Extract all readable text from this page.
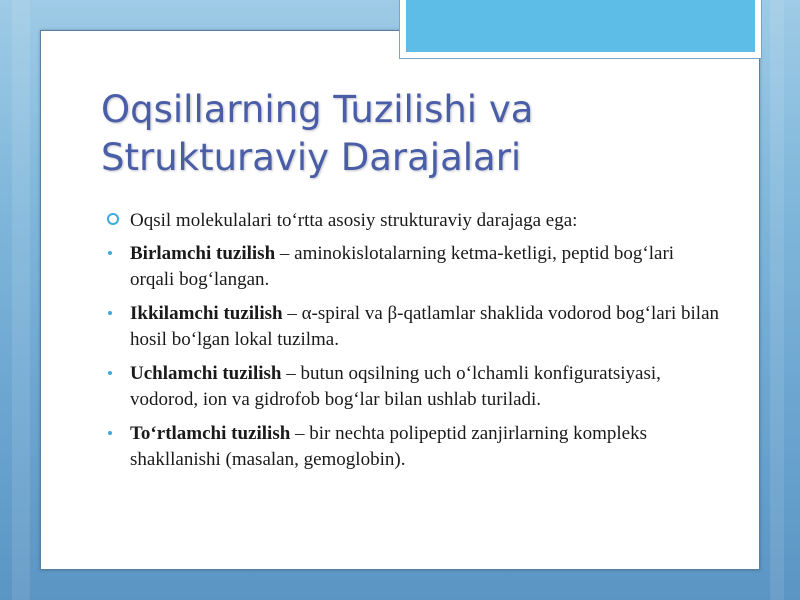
Oqsillarning Tuzilishi va
Strukturaviy Darajalari
Oqsil molekulalari to‘rtta asosiy strukturaviy darajaga ega:
Birlamchi tuzilish – aminokislotalarning ketma-ketligi, peptid bog‘lari orqali bog‘langan.
Ikkilamchi tuzilish – α-spiral va β-qatlamlar shaklida vodorod bog‘lari bilan hosil bo‘lgan lokal tuzilma.
Uchlamchi tuzilish – butun oqsilning uch o‘lchamli konfiguratsiyasi, vodorod, ion va gidrofob bog‘lar bilan ushlab turiladi.
To‘rtlamchi tuzilish – bir nechta polipeptid zanjirlarning kompleks shakllanishi (masalan, gemoglobin).
